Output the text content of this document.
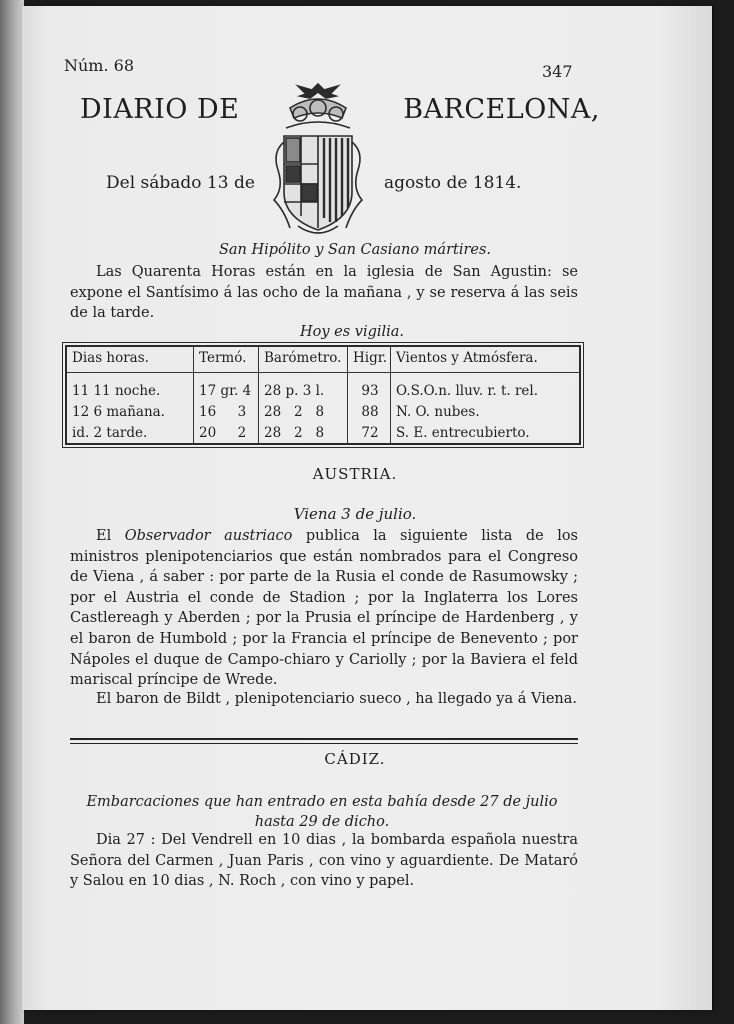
Núm. 68	347
DIARIO DE	BARCELONA,
Del sábado 13 de	agosto de 1814.
San Hipólito y San Casiano mártires.
Las Quarenta Horas están en la iglesia de San Agustin: se expone el Santísimo á las ocho de la mañana , y se reserva á las seis de la tarde.
Hoy es vigilia.
Dias horas.	Termó.	Barómetro.	Higr.	Vientos y Atmósfera.
11 11 noche.	17 gr. 4	28 p. 3 l.	93	O.S.O.n. lluv. r. t. rel.
12 6 mañana.	16     3	28   2   8	88	N. O. nubes.
id. 2 tarde.	20     2	28   2   8	72	S. E. entrecubierto.
AUSTRIA.
Viena 3 de julio.
El Observador austriaco publica la siguiente lista de los ministros plenipotenciarios que están nombrados para el Congreso de Viena , á saber : por parte de la Rusia el conde de Rasumowsky ; por el Austria el conde de Stadion ; por la Inglaterra los Lores Castlereagh y Aberden ; por la Prusia el príncipe de Hardenberg , y el baron de Humbold ; por la Francia el príncipe de Benevento ; por Nápoles el duque de Campo-chiaro y Cariolly ; por la Baviera el feld mariscal príncipe de Wrede.
El baron de Bildt , plenipotenciario sueco , ha llegado ya á Viena.
CÁDIZ.
Embarcaciones que han entrado en esta bahía desde 27 de julio hasta 29 de dicho.
Dia 27 : Del Vendrell en 10 dias , la bombarda española nuestra Señora del Carmen , Juan Paris , con vino y aguardiente. De Mataró y Salou en 10 dias , N. Roch , con vino y papel.
